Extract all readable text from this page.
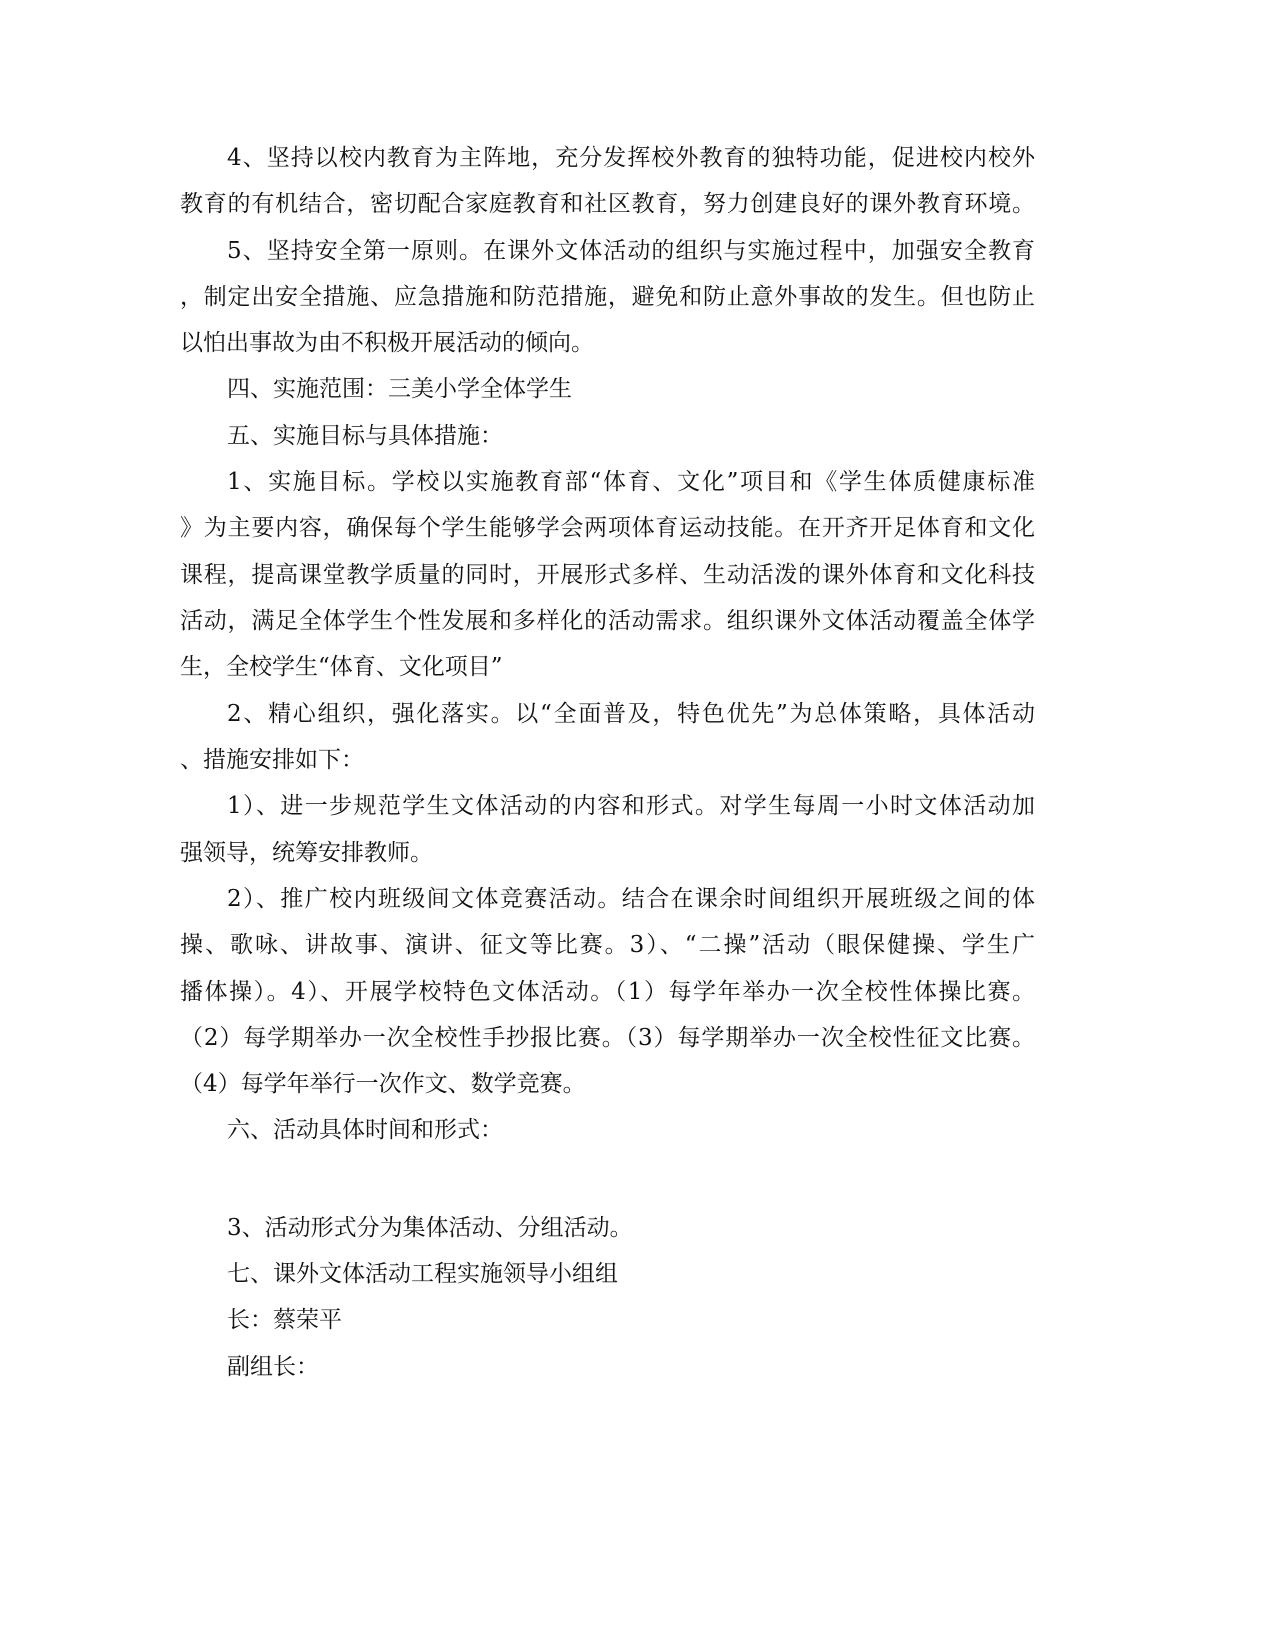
4、坚持以校内教育为主阵地，充分发挥校外教育的独特功能，促进校内校外
教育的有机结合，密切配合家庭教育和社区教育，努力创建良好的课外教育环境。
5、坚持安全第一原则。在课外文体活动的组织与实施过程中，加强安全教育
，制定出安全措施、应急措施和防范措施，避免和防止意外事故的发生。但也防止
以怕出事故为由不积极开展活动的倾向。
四、实施范围：三美小学全体学生
五、实施目标与具体措施：
1、实施目标。学校以实施教育部“体育、文化”项目和《学生体质健康标准
》为主要内容，确保每个学生能够学会两项体育运动技能。在开齐开足体育和文化
课程，提高课堂教学质量的同时，开展形式多样、生动活泼的课外体育和文化科技
活动，满足全体学生个性发展和多样化的活动需求。组织课外文体活动覆盖全体学
生，全校学生“体育、文化项目”
2、精心组织，强化落实。以“全面普及，特色优先”为总体策略，具体活动
、措施安排如下：
1）、进一步规范学生文体活动的内容和形式。对学生每周一小时文体活动加
强领导，统筹安排教师。
2）、推广校内班级间文体竞赛活动。结合在课余时间组织开展班级之间的体
操、歌咏、讲故事、演讲、征文等比赛。3）、“二操”活动（眼保健操、学生广
播体操）。4）、开展学校特色文体活动。（1）每学年举办一次全校性体操比赛。
（2）每学期举办一次全校性手抄报比赛。（3）每学期举办一次全校性征文比赛。
（4）每学年举行一次作文、数学竞赛。
六、活动具体时间和形式：
3、活动形式分为集体活动、分组活动。
七、课外文体活动工程实施领导小组组
长：蔡荣平
副组长：
